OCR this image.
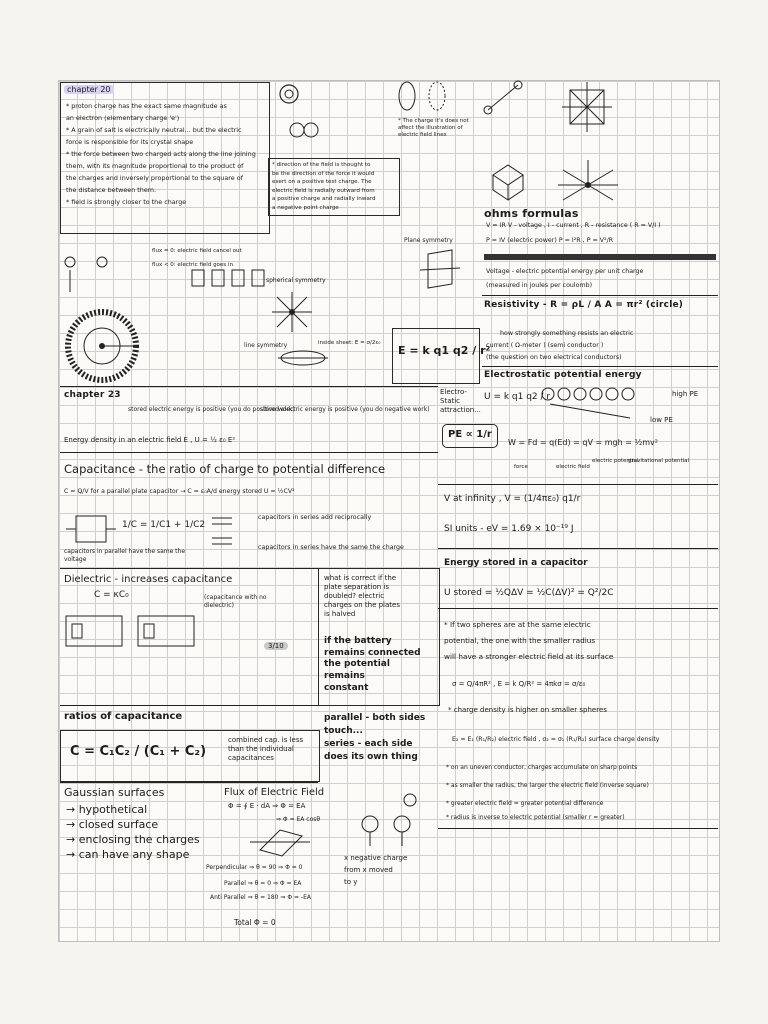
chapter 20
* proton charge has the exact same magnitude as
an electron (elementary charge 'e')
* A grain of salt is electrically neutral... but the electric
force is responsible for its crystal shape
* the force between two charged acts along the line joining
them, with its magnitude proportional to the product of
the charges and inversely proportional to the square of
the distance between them.
* field is strongly closer to the charge
* The charge it's does not
affect the illustration of
electric field lines
* direction of the field is thought to
be the direction of the force it would
exert on a positive test charge. The
electric field is radially outward from
a positive charge and radially inward
a negative point charge
flux = 0: electric field cancel out
flux < 0: electric field goes in
spherical symmetry
line symmetry
Plane symmetry
E = k q1 q2 / r²
inside sheet: E = σ/2ε₀
ohms formulas
V = IR V - voltage , I - current , R - resistance ( R = V/I )
P = IV (electric power) P = I²R , P = V²/R
Voltage - electric potential energy per unit charge
(measured in joules per coulomb)
Resistivity - R = ρL / A A = πr² (circle)
how strongly something resists an electric
current ( Ω-meter ) (semi conductor )
(the question on two electrical conductors)
Electrostatic potential energy
Electro- Static attraction...
U = k q1 q2 / r	high PE
low PE
PE ∝ 1/r
W = Fd = q(Ed) = qV = mgh = ½mv²
force	electric field
electric potential
gravitational potential
chapter 23
stored electric energy is positive (you do positive work)
stored electric energy is positive (you do negative work)
Energy density in an electric field E , U = ½ ε₀ E²
Capacitance - the ratio of charge to potential difference
C = Q/V for a parallel plate capacitor → C = ε₀A/d energy stored U = ½CV²
1/C = 1/C1 + 1/C2
capacitors in series add reciprocally
capacitors in parallel have the same the voltage
capacitors in series have the same the charge
V at infinity , V = (1/4πε₀) q1/r
SI units - eV = 1.69 × 10⁻¹⁹ J
Dielectric - increases capacitance
C = κC₀	(capacitance with no dielectric)
3/10
ratios of capacitance
C = C₁C₂ / (C₁ + C₂)
combined cap. is less than the individual capacitances
what is correct if the
plate separation is
doubled? electric
charges on the plates
is halved
if the battery
remains connected
the potential
remains
constant
parallel - both sides
touch...
series - each side
does its own thing
Energy stored in a capacitor
U stored = ½QΔV = ½C(ΔV)² = Q²/2C
* If two spheres are at the same electric
potential, the one with the smaller radius
will have a stronger electric field at its surface
σ = Q/4πR² , E = k Q/R² = 4πkσ = σ/ε₀
* charge density is higher on smaller spheres
E₂ = E₁ (R₁/R₂) electric field , σ₂ = σ₁ (R₁/R₂) surface charge density
* on an uneven conductor, charges accumulate on sharp points
* as smaller the radius, the larger the electric field (inverse square)
* greater electric field = greater potential difference
* radius is inverse to electric potential (smaller r = greater)
Gaussian surfaces
→ hypothetical
→ closed surface
→ enclosing the charges
→ can have any shape
Flux of Electric Field
Φ = ∮ E · dA ⇒ Φ = EA
⇒ Φ = EA cosθ
Perpendicular ⇒ θ = 90 ⇒ Φ = 0
Parallel ⇒ θ = 0 ⇒ Φ = EA
Anti Parallel ⇒ θ = 180 ⇒ Φ = -EA
Total Φ = 0
x negative charge
from x moved
to y
